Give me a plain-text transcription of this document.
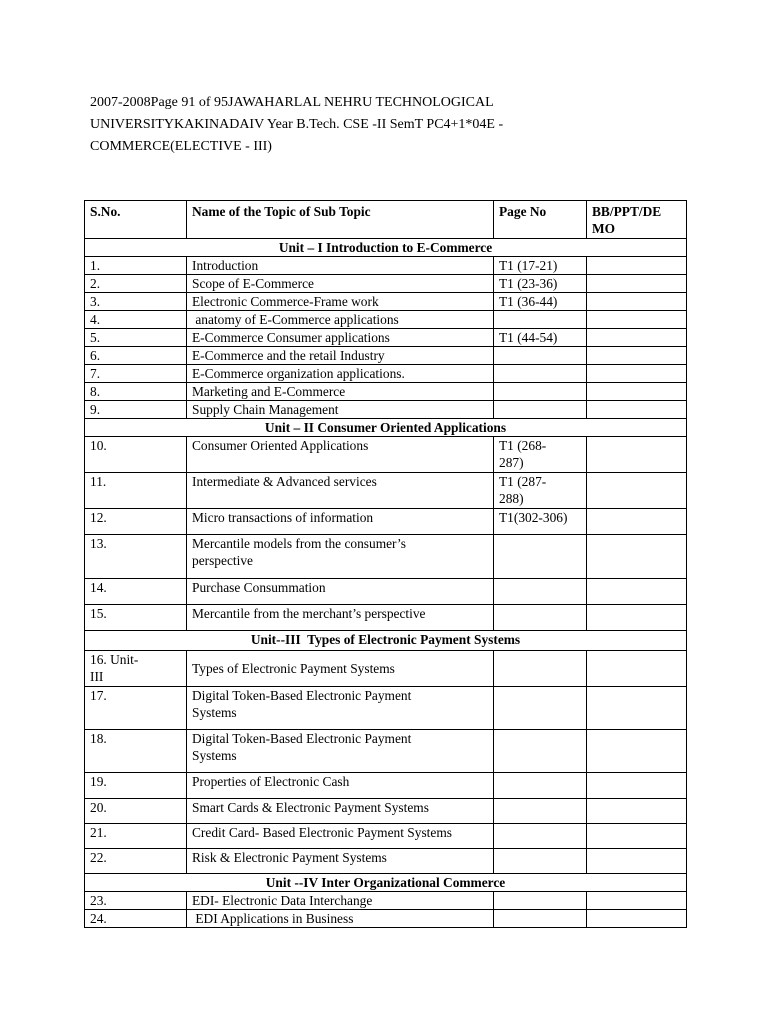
2007-2008Page 91 of 95JAWAHARLAL NEHRU TECHNOLOGICAL

UNIVERSITYKAKINADAIV Year B.Tech. CSE -II SemT PC4+1*04E -

COMMERCE(ELECTIVE - III)

S.No.	Name of the Topic of Sub Topic	Page No	BB/PPT/DE
MO
Unit – I Introduction to E-Commerce			
1.	Introduction	T1 (17-21)	
2.	Scope of E-Commerce	T1 (23-36)	
3.	Electronic Commerce-Frame work	T1 (36-44)	
4.	anatomy of E-Commerce applications		
5.	E-Commerce Consumer applications	T1 (44-54)	
6.	E-Commerce and the retail Industry		
7.	E-Commerce organization applications.		
8.	Marketing and E-Commerce		
9.	Supply Chain Management		
Unit – II Consumer Oriented Applications			
10.	Consumer Oriented Applications	T1 (268-
287)	
11.	Intermediate & Advanced services	T1 (287-
288)	
12.	Micro transactions of information	T1(302-306)	
13.	Mercantile models from the consumer’s
perspective		
14.	Purchase Consummation		
15.	Mercantile from the merchant’s perspective		
Unit--III  Types of Electronic Payment Systems			
16. Unit-
III	Types of Electronic Payment Systems		
17.	Digital Token-Based Electronic Payment
Systems		
18.	Digital Token-Based Electronic Payment
Systems		
19.	Properties of Electronic Cash		
20.	Smart Cards & Electronic Payment Systems		
21.	Credit Card- Based Electronic Payment Systems		
22.	Risk & Electronic Payment Systems		
Unit --IV Inter Organizational Commerce			
23.	EDI- Electronic Data Interchange		
24.	EDI Applications in Business		
